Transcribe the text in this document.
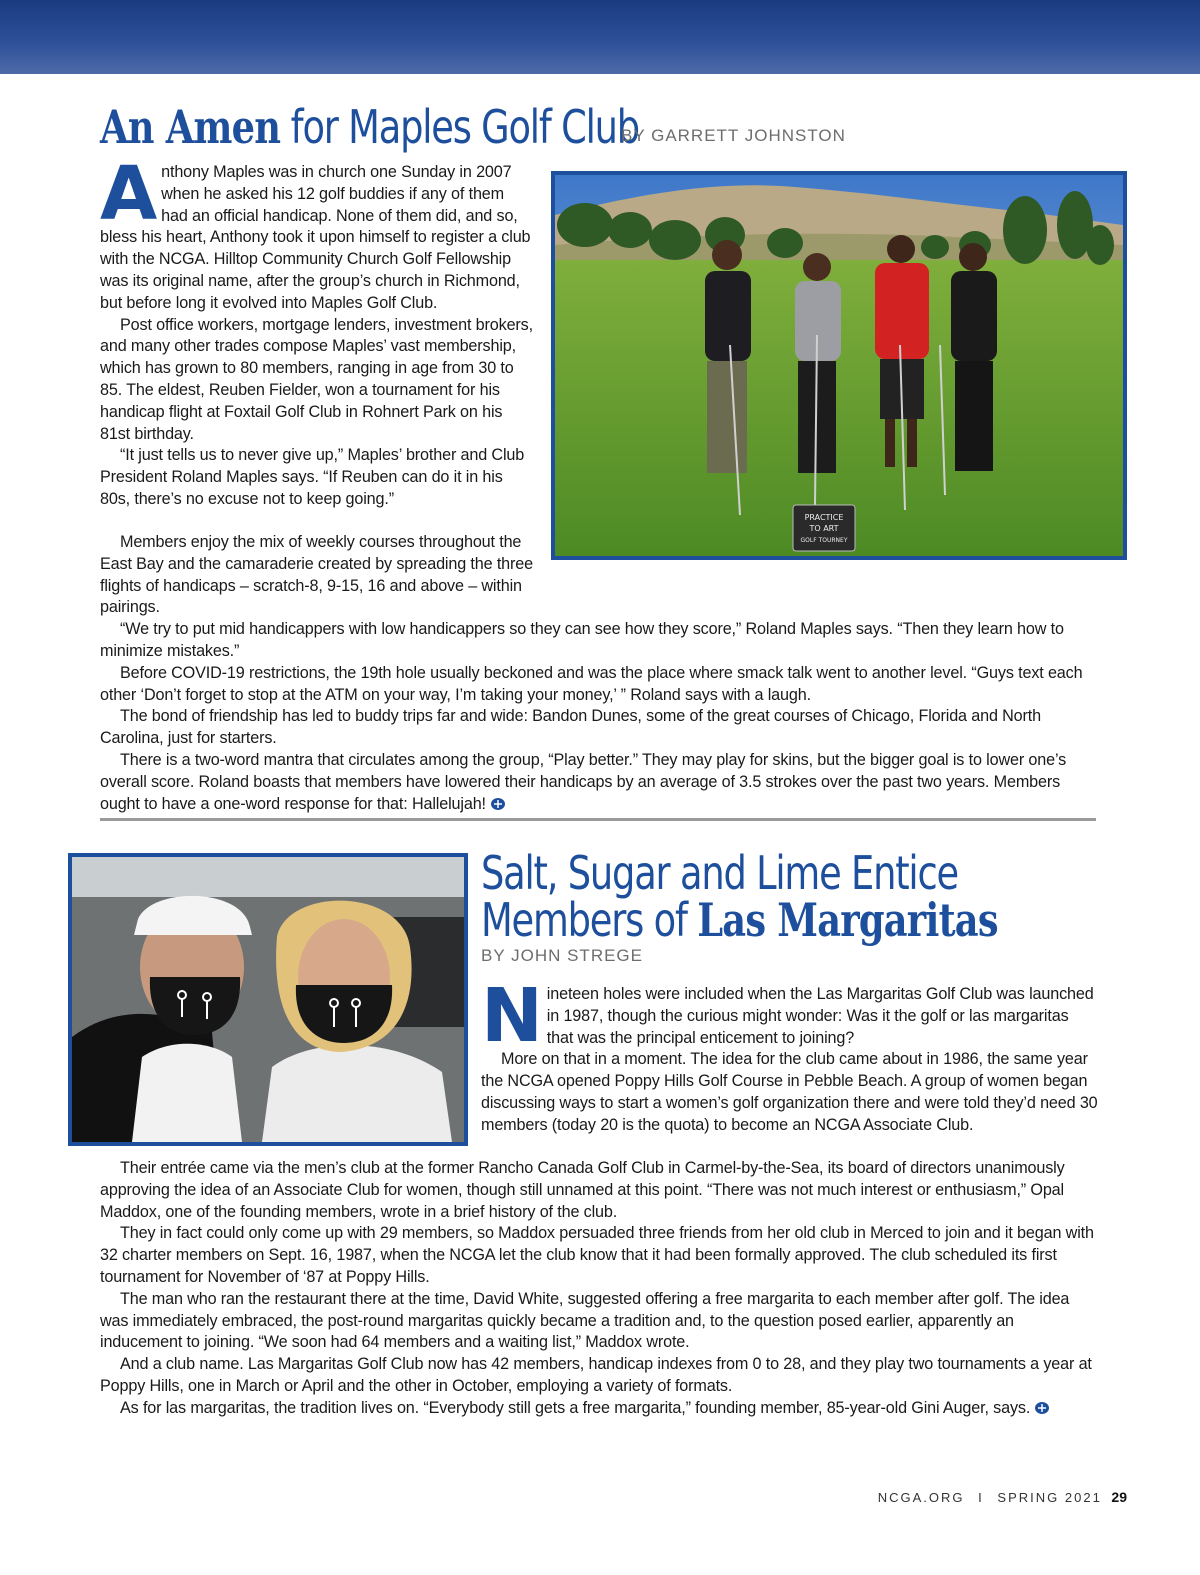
An Amen for Maples Golf Club
BY GARRETT JOHNSTON
PRACTICE
TO ART
GOLF TOURNEY

Anthony Maples was in church one Sunday in 2007 when he asked his 12 golf buddies if any of them had an official handicap. None of them did, and so, bless his heart, Anthony took it upon himself to register a club with the NCGA. Hilltop Community Church Golf Fellowship was its original name, after the group’s church in Richmond, but before long it evolved into Maples Golf Club.

Post office workers, mortgage lenders, investment brokers, and many other trades compose Maples’ vast membership, which has grown to 80 members, ranging in age from 30 to 85. The eldest, Reuben Fielder, won a tournament for his handicap flight at Foxtail Golf Club in Rohnert Park on his 81st birthday.

“It just tells us to never give up,” Maples’ brother and Club President Roland Maples says. “If Reuben can do it in his 80s, there’s no excuse not to keep going.”

Members enjoy the mix of weekly courses throughout the East Bay and the camaraderie created by spreading the three flights of handicaps – scratch-8, 9-15, 16 and above – within pairings.

“We try to put mid handicappers with low handicappers so they can see how they score,” Roland Maples says. “Then they learn how to minimize mistakes.”

Before COVID-19 restrictions, the 19th hole usually beckoned and was the place where smack talk went to another level. “Guys text each other ‘Don’t forget to stop at the ATM on your way, I’m taking your money,’ ” Roland says with a laugh.

The bond of friendship has led to buddy trips far and wide: Bandon Dunes, some of the great courses of Chicago, Florida and North Carolina, just for starters.

There is a two-word mantra that circulates among the group, “Play better.” They may play for skins, but the bigger goal is to lower one’s overall score. Roland boasts that members have lowered their handicaps by an average of 3.5 strokes over the past two years. Members ought to have a one-word response for that: Hallelujah!

Salt, Sugar and Lime Entice
Members of Las Margaritas
BY JOHN STREGE

Nineteen holes were included when the Las Margaritas Golf Club was launched in 1987, though the curious might wonder: Was it the golf or las margaritas that was the principal enticement to joining?

More on that in a moment. The idea for the club came about in 1986, the same year the NCGA opened Poppy Hills Golf Course in Pebble Beach. A group of women began discussing ways to start a women’s golf organization there and were told they’d need 30 members (today 20 is the quota) to become an NCGA Associate Club.

Their entrée came via the men’s club at the former Rancho Canada Golf Club in Carmel-by-the-Sea, its board of directors unanimously approving the idea of an Associate Club for women, though still unnamed at this point. “There was not much interest or enthusiasm,” Opal Maddox, one of the founding members, wrote in a brief history of the club.

They in fact could only come up with 29 members, so Maddox persuaded three friends from her old club in Merced to join and it began with 32 charter members on Sept. 16, 1987, when the NCGA let the club know that it had been formally approved. The club scheduled its first tournament for November of ‘87 at Poppy Hills.

The man who ran the restaurant there at the time, David White, suggested offering a free margarita to each member after golf. The idea was immediately embraced, the post-round margaritas quickly became a tradition and, to the question posed earlier, apparently an inducement to joining. “We soon had 64 members and a waiting list,” Maddox wrote.

And a club name. Las Margaritas Golf Club now has 42 members, handicap indexes from 0 to 28, and they play two tournaments a year at Poppy Hills, one in March or April and the other in October, employing a variety of formats.

As for las margaritas, the tradition lives on. “Everybody still gets a free margarita,” founding member, 85-year-old Gini Auger, says.

NCGA.ORG I SPRING 2021 29
